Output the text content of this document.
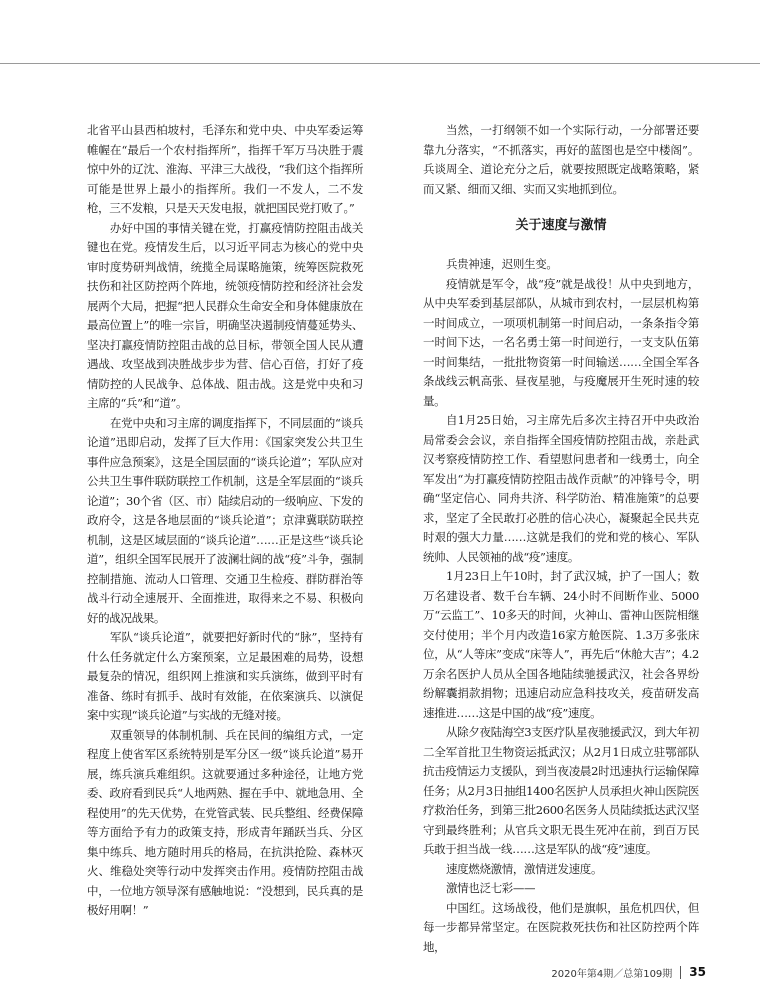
北省平山县西柏坡村，毛泽东和党中央、中央军委运筹帷幄在“最后一个农村指挥所”，指挥千军万马决胜于震惊中外的辽沈、淮海、平津三大战役，“我们这个指挥所可能是世界上最小的指挥所。我们一不发人，二不发枪，三不发粮，只是天天发电报，就把国民党打败了。”

办好中国的事情关键在党，打赢疫情防控阻击战关键也在党。疫情发生后，以习近平同志为核心的党中央审时度势研判战情，统揽全局谋略施策，统筹医院救死扶伤和社区防控两个阵地，统领疫情防控和经济社会发展两个大局，把握“把人民群众生命安全和身体健康放在最高位置上”的唯一宗旨，明确坚决遏制疫情蔓延势头、坚决打赢疫情防控阻击战的总目标，带领全国人民从遭遇战、攻坚战到决胜战步步为营、信心百倍，打好了疫情防控的人民战争、总体战、阻击战。这是党中央和习主席的“兵”和“道”。

在党中央和习主席的调度指挥下，不同层面的“谈兵论道”迅即启动，发挥了巨大作用：《国家突发公共卫生事件应急预案》，这是全国层面的“谈兵论道”；军队应对公共卫生事件联防联控工作机制，这是全军层面的“谈兵论道”；30个省（区、市）陆续启动的一级响应、下发的政府令，这是各地层面的“谈兵论道”；京津冀联防联控机制，这是区域层面的“谈兵论道”……正是这些“谈兵论道”，组织全国军民展开了波澜壮阔的战“疫”斗争，强制控制措施、流动人口管理、交通卫生检疫、群防群治等战斗行动全速展开、全面推进，取得来之不易、积极向好的战况战果。

军队“谈兵论道”，就要把好新时代的“脉”，坚持有什么任务就定什么方案预案，立足最困难的局势，设想最复杂的情况，组织网上推演和实兵演练，做到平时有准备、练时有抓手、战时有效能，在依案演兵、以演促案中实现“谈兵论道”与实战的无缝对接。

双重领导的体制机制、兵在民间的编组方式，一定程度上使省军区系统特别是军分区一级“谈兵论道”易开展，练兵演兵难组织。这就要通过多种途径，让地方党委、政府看到民兵“人地两熟、握在手中、就地急用、全程使用”的先天优势，在党管武装、民兵整组、经费保障等方面给予有力的政策支持，形成青年踊跃当兵、分区集中练兵、地方随时用兵的格局，在抗洪抢险、森林灭火、维稳处突等行动中发挥突击作用。疫情防控阻击战中，一位地方领导深有感触地说：“没想到，民兵真的是极好用啊！”

当然，一打纲领不如一个实际行动，一分部署还要靠九分落实，“不抓落实，再好的蓝图也是空中楼阁”。兵谈周全、道论充分之后，就要按照既定战略策略，紧而又紧、细而又细、实而又实地抓到位。

关于速度与激情

兵贵神速，迟则生变。

疫情就是军令，战“疫”就是战役！从中央到地方，从中央军委到基层部队，从城市到农村，一层层机构第一时间成立，一项项机制第一时间启动，一条条指令第一时间下达，一名名勇士第一时间逆行，一支支队伍第一时间集结，一批批物资第一时间输送……全国全军各条战线云帆高张、昼夜星驰，与疫魔展开生死时速的较量。

自1月25日始，习主席先后多次主持召开中央政治局常委会会议，亲自指挥全国疫情防控阻击战，亲赴武汉考察疫情防控工作、看望慰问患者和一线勇士，向全军发出“为打赢疫情防控阻击战作贡献”的冲锋号令，明确“坚定信心、同舟共济、科学防治、精准施策”的总要求，坚定了全民敢打必胜的信心决心，凝聚起全民共克时艰的强大力量……这就是我们的党和党的核心、军队统帅、人民领袖的战“疫”速度。

1月23日上午10时，封了武汉城，护了一国人；数万名建设者、数千台车辆、24小时不间断作业、5000万“云监工”、10多天的时间，火神山、雷神山医院相继交付使用；半个月内改造16家方舱医院、1.3万多张床位，从“人等床”变成“床等人”，再先后“休舱大吉”；4.2万余名医护人员从全国各地陆续驰援武汉，社会各界纷纷解囊捐款捐物；迅速启动应急科技攻关，疫苗研发高速推进……这是中国的战“疫”速度。

从除夕夜陆海空3支医疗队星夜驰援武汉，到大年初二全军首批卫生物资运抵武汉；从2月1日成立驻鄂部队抗击疫情运力支援队，到当夜凌晨2时迅速执行运输保障任务；从2月3日抽组1400名医护人员承担火神山医院医疗救治任务，到第三批2600名医务人员陆续抵达武汉坚守到最终胜利；从官兵文职无畏生死冲在前，到百万民兵敢于担当战一线……这是军队的战“疫”速度。

速度燃烧激情，激情迸发速度。

激情也泛七彩——

中国红。这场战役，他们是旗帜，虽危机四伏，但每一步都异常坚定。在医院救死扶伤和社区防控两个阵地，

2020年第4期／总第109期 35
